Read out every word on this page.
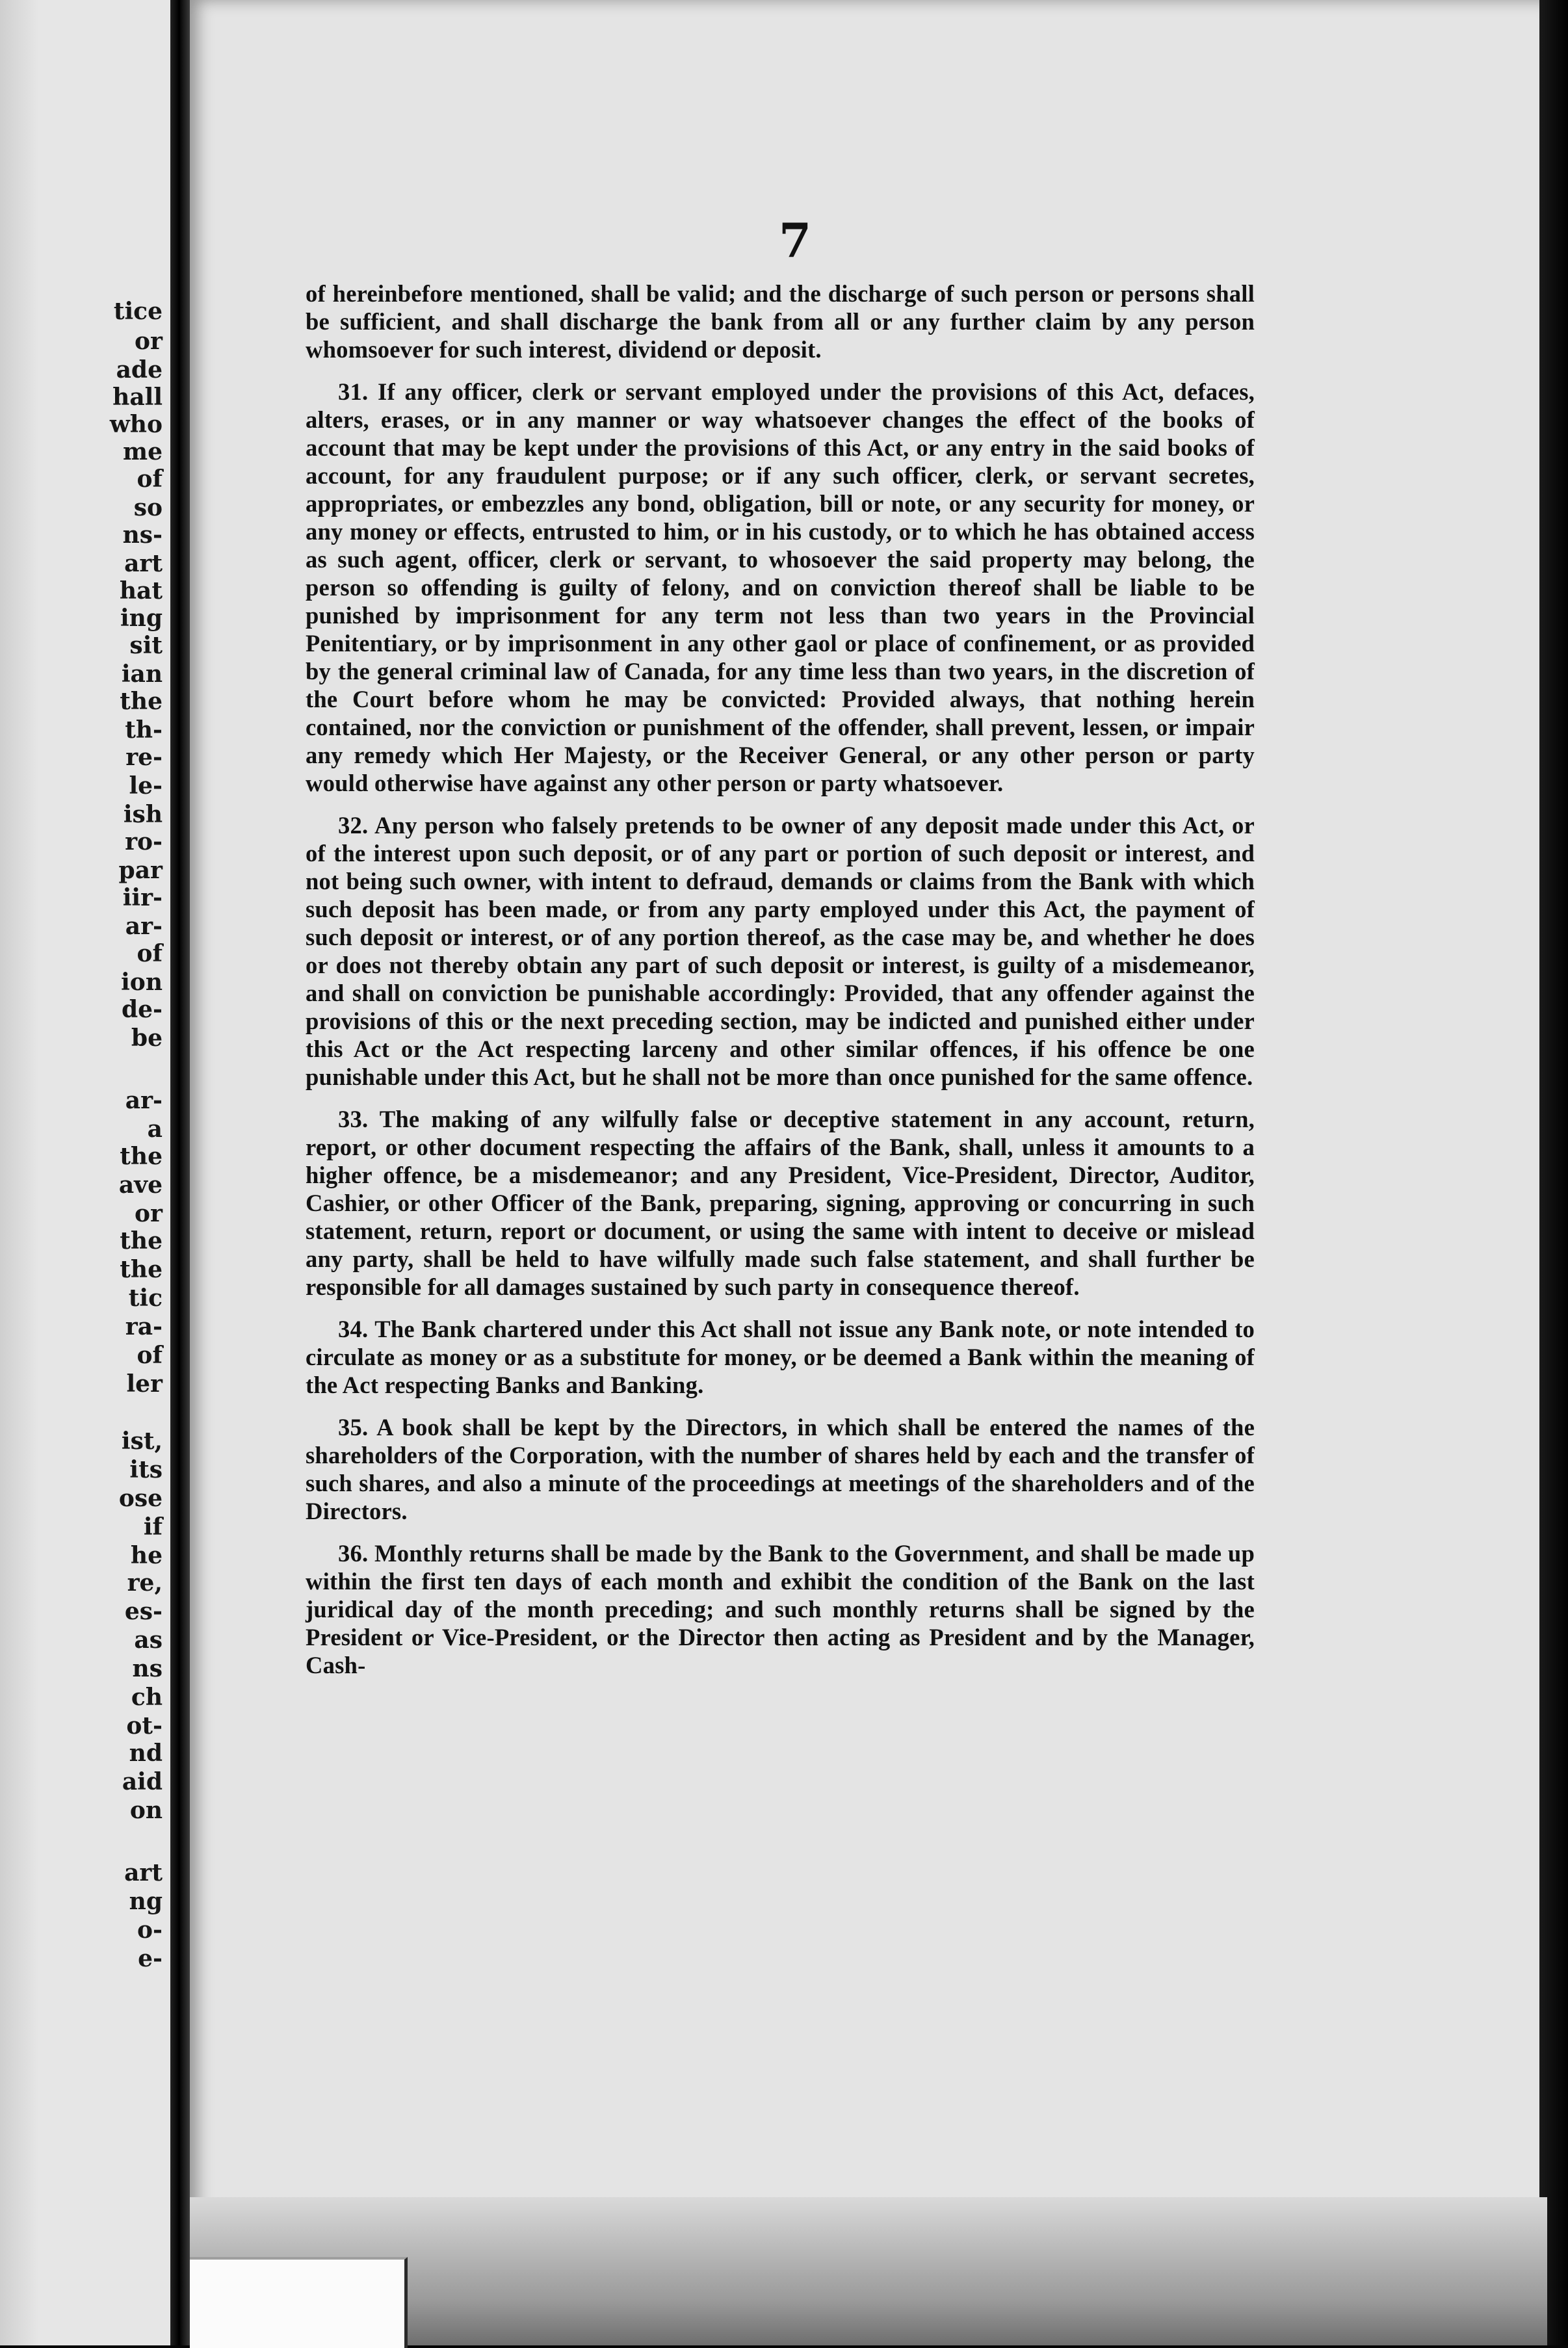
tice
or
ade
hall
who
me
of
so
ns-
art
hat
ing
sit
ian
the
th-
re-
le-
ish
ro-
par
iir-
ar-
of
ion
de-
be
ar-
a
the
ave
or
the
the
tic
ra-
of
ler
ist,
its
ose
if
he
re,
es-
as
ns
ch
ot-
nd
aid
on
art
ng
o-
e-
7

of hereinbefore mentioned, shall be valid; and the discharge of such person or persons shall be sufficient, and shall discharge the bank from all or any further claim by any person whomsoever for such interest, dividend or deposit.

31. If any officer, clerk or servant employed under the provisions of this Act, defaces, alters, erases, or in any manner or way whatsoever changes the effect of the books of account that may be kept under the provisions of this Act, or any entry in the said books of account, for any fraudulent purpose; or if any such officer, clerk, or servant secretes, appropriates, or embezzles any bond, obligation, bill or note, or any security for money, or any money or effects, entrusted to him, or in his custody, or to which he has obtained access as such agent, officer, clerk or servant, to whosoever the said property may belong, the person so offending is guilty of felony, and on conviction thereof shall be liable to be punished by imprisonment for any term not less than two years in the Provincial Penitentiary, or by imprisonment in any other gaol or place of confinement, or as provided by the general criminal law of Canada, for any time less than two years, in the discretion of the Court before whom he may be convicted: Provided always, that nothing herein contained, nor the conviction or punishment of the offender, shall prevent, lessen, or impair any remedy which Her Majesty, or the Receiver General, or any other person or party would otherwise have against any other person or party whatsoever.

32. Any person who falsely pretends to be owner of any deposit made under this Act, or of the interest upon such deposit, or of any part or portion of such deposit or interest, and not being such owner, with intent to defraud, demands or claims from the Bank with which such deposit has been made, or from any party employed under this Act, the payment of such deposit or interest, or of any portion thereof, as the case may be, and whether he does or does not thereby obtain any part of such deposit or interest, is guilty of a misdemeanor, and shall on conviction be punishable accordingly: Provided, that any offender against the provisions of this or the next preceding section, may be indicted and punished either under this Act or the Act respecting larceny and other similar offences, if his offence be one punishable under this Act, but he shall not be more than once punished for the same offence.

33. The making of any wilfully false or deceptive statement in any account, return, report, or other document respecting the affairs of the Bank, shall, unless it amounts to a higher offence, be a misdemeanor; and any President, Vice-President, Director, Auditor, Cashier, or other Officer of the Bank, preparing, signing, approving or concurring in such statement, return, report or document, or using the same with intent to deceive or mislead any party, shall be held to have wilfully made such false statement, and shall further be responsible for all damages sustained by such party in consequence thereof.

34. The Bank chartered under this Act shall not issue any Bank note, or note intended to circulate as money or as a substitute for money, or be deemed a Bank within the meaning of the Act respecting Banks and Banking.

35. A book shall be kept by the Directors, in which shall be entered the names of the shareholders of the Corporation, with the number of shares held by each and the transfer of such shares, and also a minute of the proceedings at meetings of the shareholders and of the Directors.

36. Monthly returns shall be made by the Bank to the Government, and shall be made up within the first ten days of each month and exhibit the condition of the Bank on the last juridical day of the month preceding; and such monthly returns shall be signed by the President or Vice-President, or the Director then acting as President and by the Manager, Cash-
